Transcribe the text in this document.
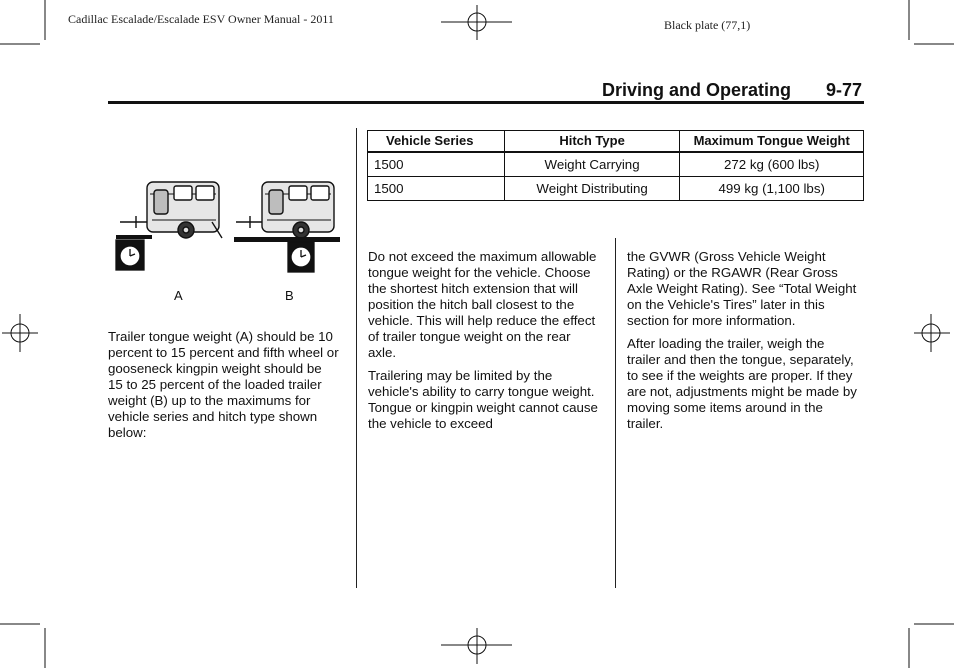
Cadillac Escalade/Escalade ESV Owner Manual - 2011	Black plate (77,1)
Driving and Operating 9-77
A	B
Trailer tongue weight (A) should be 10 percent to 15 percent and fifth wheel or gooseneck kingpin weight should be 15 to 25 percent of the loaded trailer weight (B) up to the maximums for vehicle series and hitch type shown below:
Vehicle Series	Hitch Type	Maximum Tongue Weight
1500	Weight Carrying	272 kg (600 lbs)
1500	Weight Distributing	499 kg (1,100 lbs)

Do not exceed the maximum allowable tongue weight for the vehicle. Choose the shortest hitch extension that will position the hitch ball closest to the vehicle. This will help reduce the effect of trailer tongue weight on the rear axle.

Trailering may be limited by the vehicle's ability to carry tongue weight. Tongue or kingpin weight cannot cause the vehicle to exceed

the GVWR (Gross Vehicle Weight Rating) or the RGAWR (Rear Gross Axle Weight Rating). See “Total Weight on the Vehicle's Tires” later in this section for more information.

After loading the trailer, weigh the trailer and then the tongue, separately, to see if the weights are proper. If they are not, adjustments might be made by moving some items around in the trailer.
